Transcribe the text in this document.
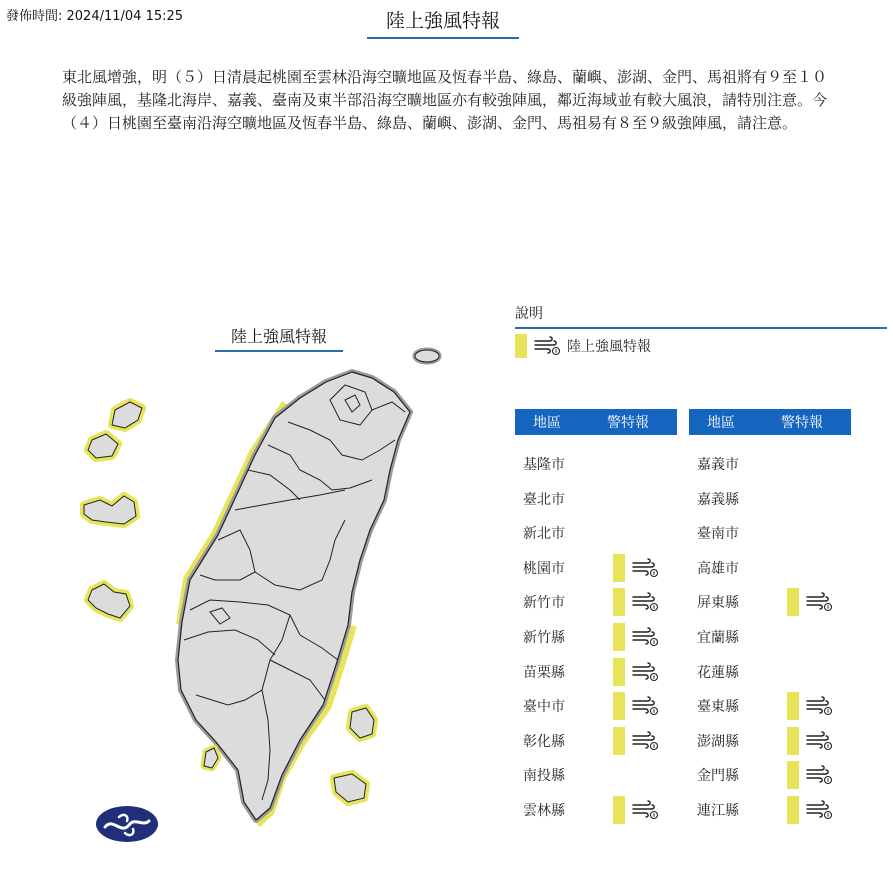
發佈時間: 2024/11/04 15:25	陸上強風特報

東北風增強，明（５）日清晨起桃園至雲林沿海空曠地區及恆春半島、綠島、蘭嶼、澎湖、金門、馬祖將有９至１０級強陣風，基隆北海岸、嘉義、臺南及東半部沿海空曠地區亦有較強陣風，鄰近海域並有較大風浪，請特別注意。今（４）日桃園至臺南沿海空曠地區及恆春半島、綠島、蘭嶼、澎湖、金門、馬祖易有８至９級強陣風，請注意。

陸上強風特報
說明
陸上強風特報
地區	警特報
基隆市
臺北市
新北市
桃園市
新竹市
新竹縣
苗栗縣
臺中市
彰化縣
南投縣
雲林縣
地區	警特報
嘉義市
嘉義縣
臺南市
高雄市
屏東縣
宜蘭縣
花蓮縣
臺東縣
澎湖縣
金門縣
連江縣
